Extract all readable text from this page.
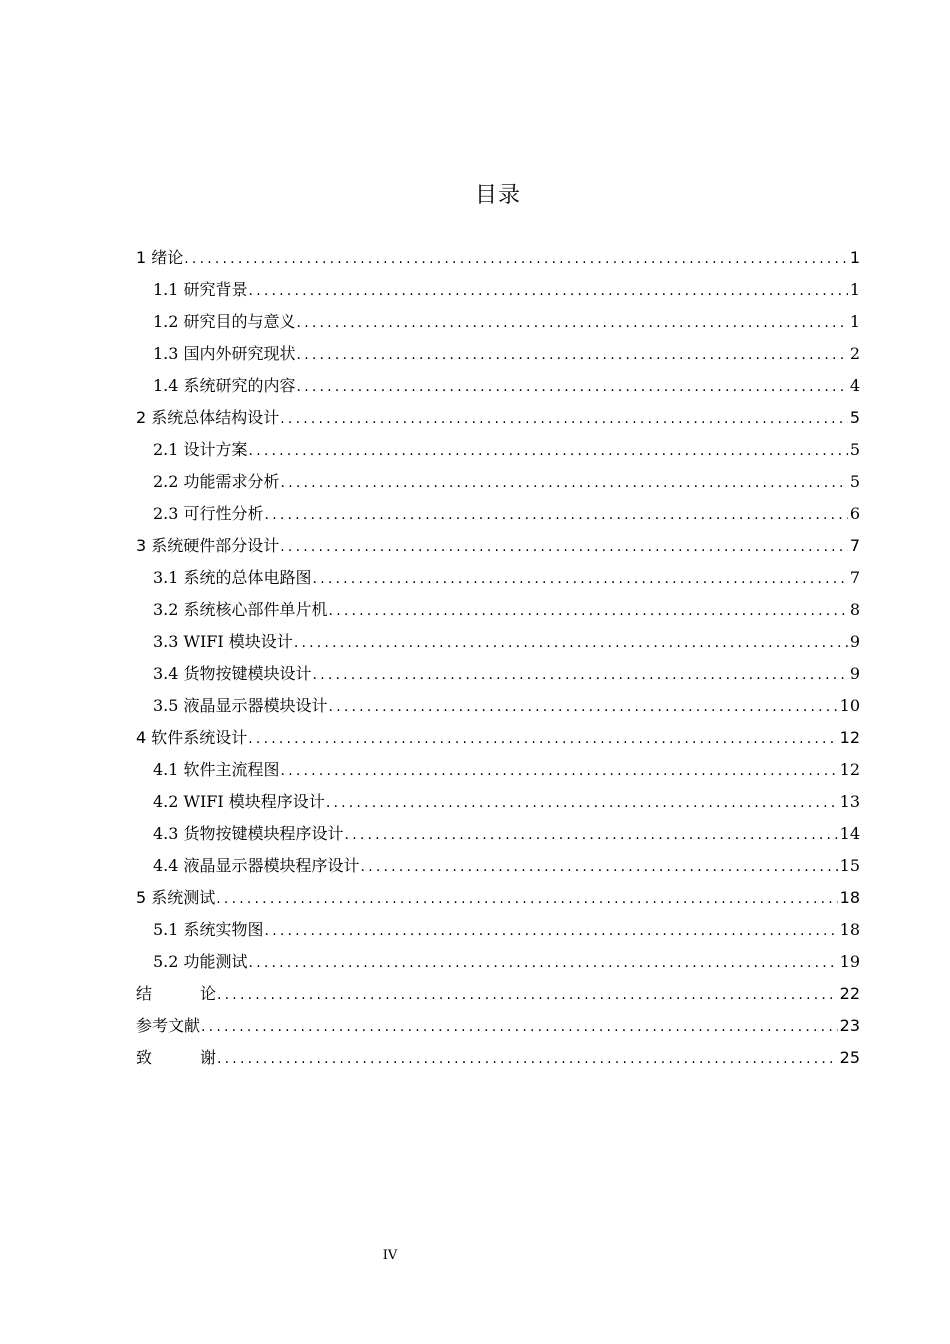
目录
1 绪论 .....	1
1.1 研究背景 .....	1
1.2 研究目的与意义 .....	1
1.3 国内外研究现状 .....	2
1.4 系统研究的内容 .....	4
2 系统总体结构设计 .....	5
2.1 设计方案 .....	5
2.2 功能需求分析 .....	5
2.3 可行性分析 .....	6
3 系统硬件部分设计 .....	7
3.1 系统的总体电路图 .....	7
3.2 系统核心部件单片机 .....	8
3.3 WIFI 模块设计 .....	9
3.4 货物按键模块设计 .....	9
3.5 液晶显示器模块设计 .....	10
4 软件系统设计 .....	12
4.1 软件主流程图 .....	12
4.2 WIFI 模块程序设计 .....	13
4.3 货物按键模块程序设计 .....	14
4.4 液晶显示器模块程序设计 .....	15
5 系统测试 .....	18
5.1 系统实物图 .....	18
5.2 功能测试 .....	19
结	论 .....	22
参考文献 .....	23
致	谢 .....	25
IV
